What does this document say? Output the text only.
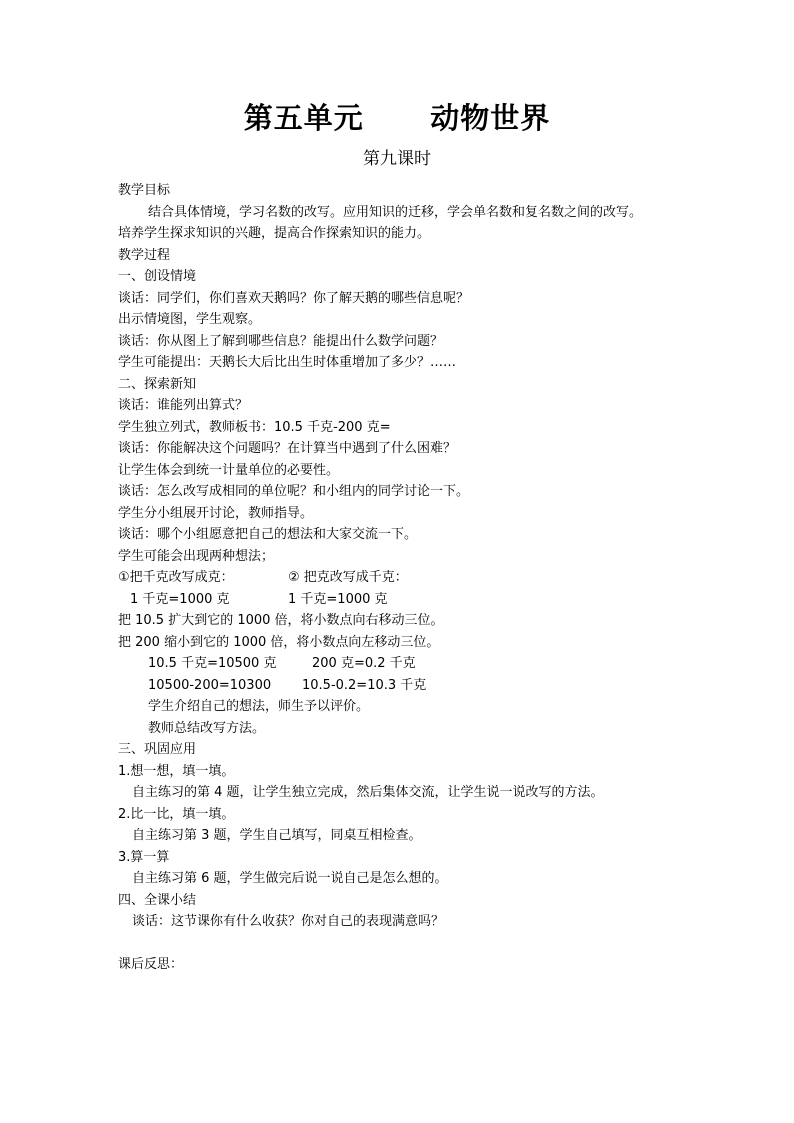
第五单元      动物世界
第九课时
教学目标
结合具体情境，学习名数的改写。应用知识的迁移，学会单名数和复名数之间的改写。
培养学生探求知识的兴趣，提高合作探索知识的能力。
教学过程
一、创设情境
谈话：同学们，你们喜欢天鹅吗？你了解天鹅的哪些信息呢？
出示情境图，学生观察。
谈话：你从图上了解到哪些信息？能提出什么数学问题？
学生可能提出：天鹅长大后比出生时体重增加了多少？……
二、探索新知
谈话：谁能列出算式？
学生独立列式，教师板书：10.5 千克-200 克=
谈话：你能解决这个问题吗？在计算当中遇到了什么困难？
让学生体会到统一计量单位的必要性。
谈话：怎么改写成相同的单位呢？和小组内的同学讨论一下。
学生分小组展开讨论，教师指导。
谈话：哪个小组愿意把自己的想法和大家交流一下。
学生可能会出现两种想法；
①把千克改写成克：	② 把克改写成千克：
1 千克=1000 克	1 千克=1000 克
把 10.5 扩大到它的 1000 倍，将小数点向右移动三位。
把 200 缩小到它的 1000 倍，将小数点向左移动三位。
10.5 千克=10500 克	200 克=0.2 千克
10500-200=10300	10.5-0.2=10.3 千克
学生介绍自己的想法，师生予以评价。
教师总结改写方法。
三、巩固应用
1.想一想，填一填。
自主练习的第 4 题，让学生独立完成，然后集体交流，让学生说一说改写的方法。
2.比一比，填一填。
自主练习第 3 题，学生自己填写，同桌互相检查。
3.算一算
自主练习第 6 题，学生做完后说一说自己是怎么想的。
四、全课小结
谈话：这节课你有什么收获？你对自己的表现满意吗？
课后反思：
